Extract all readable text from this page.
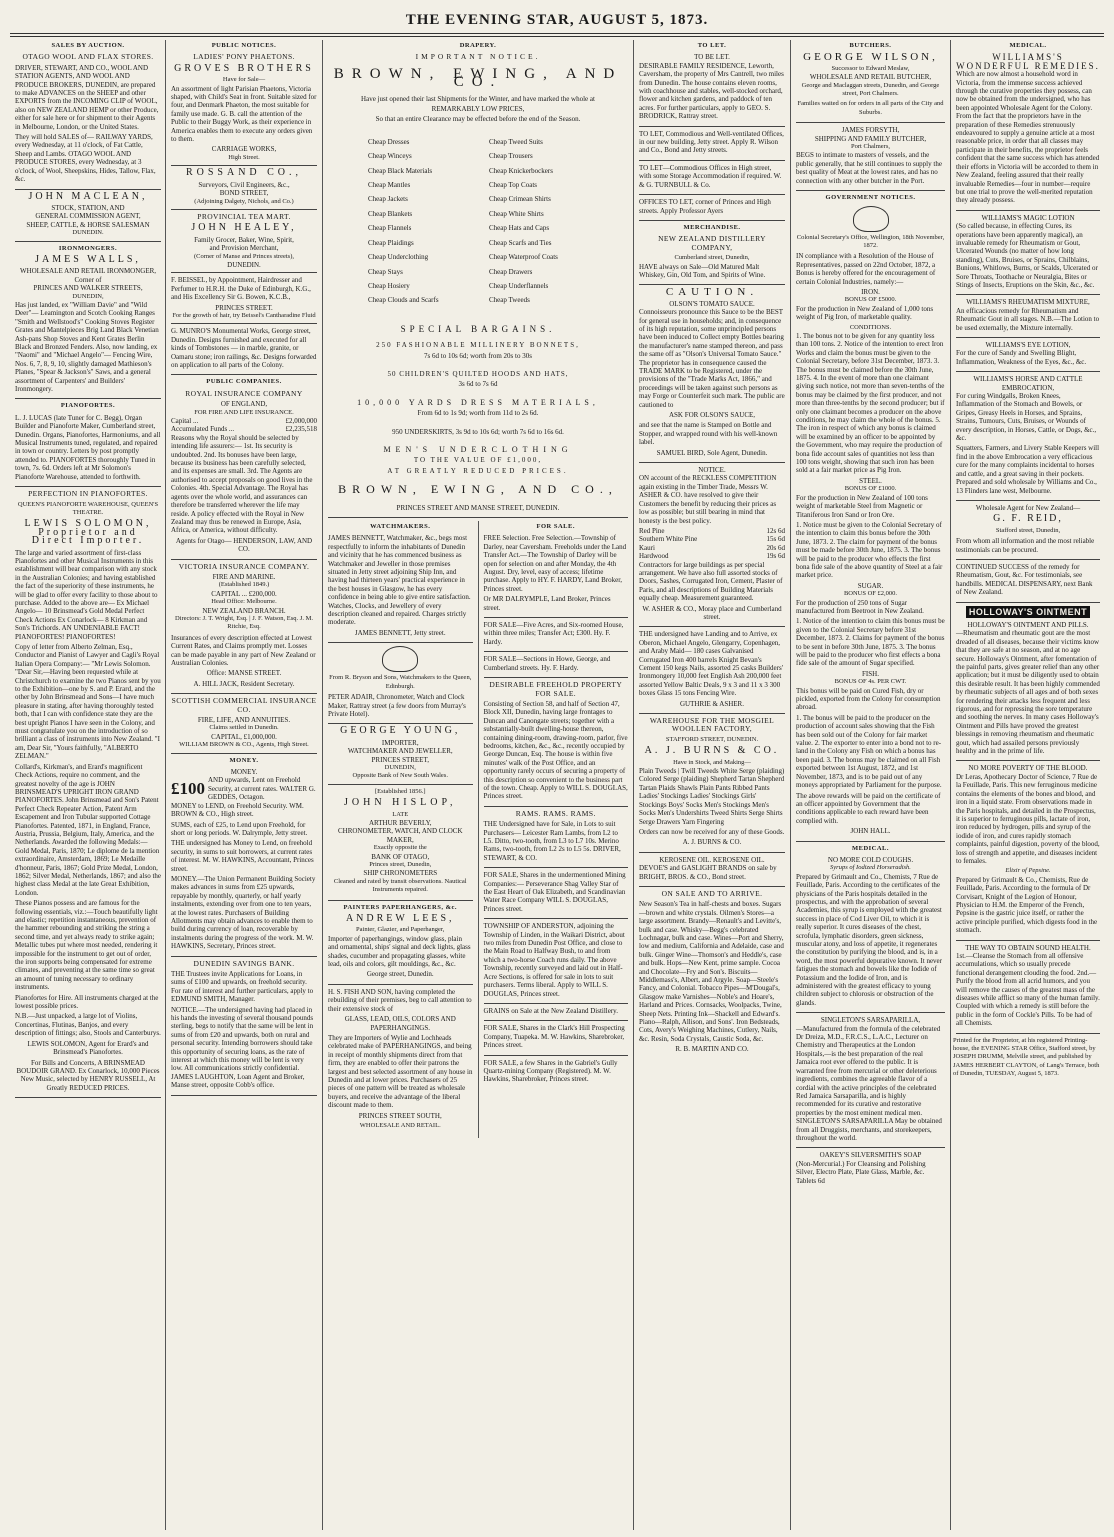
THE EVENING STAR, AUGUST 5, 1873.
SALES BY AUCTION.
OTAGO WOOL AND FLAX STORES.

DRIVER, STEWART, AND CO., WOOL AND STATION AGENTS, AND WOOL AND PRODUCE BROKERS, DUNEDIN, are prepared to make ADVANCES on the SHEEP and other EXPORTS from the INCOMING CLIP of WOOL, also on NEW ZEALAND HEMP or other Produce, either for sale here or for shipment to their Agents in Melbourne, London, or the United States.

They will hold SALES of— RAILWAY YARDS, every Wednesday, at 11 o'clock, of Fat Cattle, Sheep and Lambs. OTAGO WOOL AND PRODUCE STORES, every Wednesday, at 3 o'clock, of Wool, Sheepskins, Hides, Tallow, Flax, &c.

JOHN MACLEAN,
STOCK, STATION, AND
GENERAL COMMISSION AGENT,
SHEEP, CATTLE, & HORSE SALESMAN
DUNEDIN.
IRONMONGERS.
JAMES WALLS,
WHOLESALE AND RETAIL IRONMONGER,
Corner of
PRINCES AND WALKER STREETS,
DUNEDIN,

Has just landed, ex "William Davie" and "Wild Deer"— Leamington and Scotch Cooking Ranges "Smith and Wellstood's" Cooking Stoves Register Grates and Mantelpieces Brig Land Black Venetian Ash-pans Shop Stoves and Kent Grates Berlin Black and Bronzed Fenders. Also, now landing, ex "Naomi" and "Michael Angelo"— Fencing Wire, Nos. 6, 7, 8, 9, 10, slightly damaged Mathieson's Planes, "Spear & Jackson's" Saws, and a general assortment of Carpenters' and Builders' Ironmongery.

PIANOFORTES.

L. J. LUCAS (late Tuner for C. Begg), Organ Builder and Pianoforte Maker, Cumberland street, Dunedin. Organs, Pianofortes, Harmoniums, and all Musical Instruments tuned, regulated, and repaired in town or country. Letters by post promptly attended to. PIANOFORTES thoroughly Tuned in town, 7s. 6d. Orders left at Mr Solomon's Pianoforte Warehouse, attended to forthwith.

PERFECTION IN PIANOFORTES.
QUEEN'S PIANOFORTE WAREHOUSE, QUEEN'S THEATRE.
LEWIS SOLOMON, Proprietor and Direct Importer.

The large and varied assortment of first-class Pianofortes and other Musical Instruments in this establishment will bear comparison with any stock in the Australian Colonies; and having established the fact of the superiority of these instruments, he will be glad to offer every facility to those about to purchase. Added to the above are— Ex Michael Angelo— 10 Brinsmead's Gold Medal Perfect Check Actions Ex Conarlock— 8 Kirkman and Son's Trichords. AN UNDENIABLE FACT! PIANOFORTES! PIANOFORTES!

Copy of letter from Alberto Zelman, Esq., Conductor and Pianist of Lawyer and Cagli's Royal Italian Opera Company:— "Mr Lewis Solomon. "Dear Sir,—Having been requested while at Christchurch to examine the two Pianos sent by you to the Exhibition—one by S. and P. Erard, and the other by John Brinsmead and Sons—I have much pleasure in stating, after having thoroughly tested both, that I can with confidence state they are the best upright Pianos I have seen in the Colony, and must congratulate you on the introduction of so brilliant a class of instruments into New Zealand. "I am, Dear Sir, "Yours faithfully, "ALBERTO ZELMAN."

Collard's, Kirkman's, and Erard's magnificent Check Actions, require no comment, and the greatest novelty of the age is JOHN BRINSMEAD'S UPRIGHT IRON GRAND PIANOFORTES. John Brinsmead and Son's Patent Perfect Check Repeater Action, Patent Arm Escapement and Iron Tubular supported Cottage Pianofortes. Patented, 1871, in England, France, Austria, Prussia, Belgium, Italy, America, and the Netherlands. Awarded the following Medals:—Gold Medal, Paris, 1870; Le diplome de la mention extraordinaire, Amsterdam, 1869; Le Medaille d'honneur, Paris, 1867; Gold Prize Medal, London, 1862; Silver Medal, Netherlands, 1867; and also the highest class Medal at the late Great Exhibition, London.

These Pianos possess and are famous for the following essentials, viz.:—Touch beautifully light and elastic; repetition instantaneous, prevention of the hammer rebounding and striking the string a second time, and yet always ready to strike again; Metallic tubes put where most needed, rendering it impossible for the instrument to get out of order, the iron supports being compensated for extreme climates, and preventing at the same time so great an amount of tuning necessary to ordinary instruments.

Pianofortes for Hire. All instruments charged at the lowest possible prices.

N.B.—Just unpacked, a large lot of Violins, Concertinas, Flutinas, Banjos, and every description of fittings; also, Stools and Canterburys.

LEWIS SOLOMON, Agent for Erard's and Brinsmead's Pianofortes.

For Bills and Concerts, A BRINSMEAD BOUDOIR GRAND. Ex Conarlock, 10,000 Pieces New Music, selected by HENRY RUSSELL, At Greatly REDUCED PRICES.

PUBLIC NOTICES.
LADIES' PONY PHAETONS.
GROVES BROTHERS
Have for Sale—

An assortment of light Parisian Phaetons, Victoria shaped, with Child's Seat in front. Suitable sized for four, and Denmark Phaeton, the most suitable for family use made. G. B. call the attention of the Public to their Buggy Work, as their experience in America enables them to execute any orders given to them.

CARRIAGE WORKS,
High Street.
ROSSAND CO.,
Surveyors, Civil Engineers, &c.,
BOND STREET,
(Adjoining Dalgety, Nichols, and Co.)
PROVINCIAL TEA MART.
JOHN HEALEY,
Family Grocer, Baker, Wine, Spirit,
and Provision Merchant,
(Corner of Manse and Princes streets),
DUNEDIN.

F. BEISSEL, by Appointment, Hairdresser and Perfumer to H.R.H. the Duke of Edinburgh, K.G., and His Excellency Sir G. Bowen, K.C.B.,

PRINCES STREET.
For the growth of hair, try Beissel's Cantharadine Fluid

G. MUNRO'S Monumental Works, George street, Dunedin. Designs furnished and executed for all kinds of Tombstones — in marble, granite, or Oamaru stone; iron railings, &c. Designs forwarded on application to all parts of the Colony.

PUBLIC COMPANIES.
ROYAL INSURANCE COMPANY
OF ENGLAND,
FOR FIRE AND LIFE INSURANCE.
Capital ...	£2,000,000
Accumulated Funds ...	£2,235,518

Reasons why the Royal should be selected by intending life assurers:— 1st. Its security is undoubted. 2nd. Its bonuses have been large, because its business has been carefully selected, and its expenses are small. 3rd. The Agents are authorised to accept proposals on good lives in the Colonies. 4th. Special Advantage. The Royal has agents over the whole world, and assurances can therefore be transferred wherever the life may reside. A policy effected with the Royal in New Zealand may thus be renewed in Europe, Asia, Africa, or America, without difficulty.

Agents for Otago— HENDERSON, LAW, AND CO.

VICTORIA INSURANCE COMPANY.
FIRE AND MARINE.
(Established 1849.)
CAPITAL ... £200,000.
Head Office: Melbourne.
NEW ZEALAND BRANCH.

Directors: J. T. Wright, Esq. | J. F. Watson, Esq. J. M. Ritchie, Esq.

Insurances of every description effected at Lowest Current Rates, and Claims promptly met. Losses can be made payable in any part of New Zealand or Australian Colonies.

Office: MANSE STREET.

A. HILL JACK, Resident Secretary.

SCOTTISH COMMERCIAL INSURANCE CO.
FIRE, LIFE, AND ANNUITIES.
Claims settled in Dunedin.
CAPITAL, £1,000,000.
WILLIAM BROWN & CO., Agents, High Street.
MONEY.
MONEY.
£100 AND upwards, Lent on Freehold Security, at current rates. WALTER G. GEDDES, Octagon.

MONEY to LEND, on Freehold Security. WM. BROWN & CO., High street.

SUMS, each of £25, to Lend upon Freehold, for short or long periods. W. Dalrymple, Jetty street.

THE undersigned has Money to Lend, on freehold security, in sums to suit borrowers, at current rates of interest. M. W. HAWKINS, Accountant, Princes street.

MONEY.—The Union Permanent Building Society makes advances in sums from £25 upwards, repayable by monthly, quarterly, or half yearly instalments, extending over from one to ten years, at the lowest rates. Purchasers of Building Allotments may obtain advances to enable them to build during currency of loan, recoverable by instalments during the progress of the work. M. W. HAWKINS, Secretary, Princes street.

DUNEDIN SAVINGS BANK.

THE Trustees invite Applications for Loans, in sums of £100 and upwards, on freehold security. For rate of interest and further particulars, apply to EDMUND SMITH, Manager.

NOTICE.—The undersigned having had placed in his hands the investing of several thousand pounds sterling, begs to notify that the same will be lent in sums of from £20 and upwards, both on rural and personal security. Intending borrowers should take this opportunity of securing loans, as the rate of interest at which this money will be lent is very low. All communications strictly confidential. JAMES LAUGHTON, Loan Agent and Broker, Manse street, opposite Cobb's office.

DRAPERY.
IMPORTANT NOTICE.
BROWN, EWING, AND CO.

Have just opened their last Shipments for the Winter, and have marked the whole at

REMARKABLY LOW PRICES,

So that an entire Clearance may be effected before the end of the Season.

Cheap Dresses

Cheap Winceys

Cheap Black Materials

Cheap Mantles

Cheap Jackets

Cheap Blankets

Cheap Flannels

Cheap Plaidings

Cheap Underclothing

Cheap Stays

Cheap Hosiery

Cheap Clouds and Scarfs

Cheap Tweed Suits

Cheap Trousers

Cheap Knickerbockers

Cheap Top Coats

Cheap Crimean Shirts

Cheap White Shirts

Cheap Hats and Caps

Cheap Scarfs and Ties

Cheap Waterproof Coats

Cheap Drawers

Cheap Underflannels

Cheap Tweeds

SPECIAL BARGAINS.

250 FASHIONABLE MILLINERY BONNETS,

7s 6d to 10s 6d; worth from 20s to 30s

50 CHILDREN'S QUILTED HOODS AND HATS,

3s 6d to 7s 6d

10,000 YARDS DRESS MATERIALS,

From 6d to 1s 9d; worth from 11d to 2s 6d.

950 UNDERSKIRTS, 3s 9d to 10s 6d; worth 7s 6d to 16s 6d.

MEN'S UNDERCLOTHING

TO THE VALUE OF £1,000,

AT GREATLY REDUCED PRICES.

BROWN, EWING, AND CO.,

PRINCES STREET AND MANSE STREET, DUNEDIN.

WATCHMAKERS.

JAMES BENNETT, Watchmaker, &c., begs most respectfully to inform the inhabitants of Dunedin and vicinity that he has commenced business as Watchmaker and Jeweller in those premises situated in Jetty street adjoining Ship Inn, and having had thirteen years' practical experience in the best houses in Glasgow, he has every confidence in being able to give entire satisfaction. Watches, Clocks, and Jewellery of every description cleaned and repaired. Charges strictly moderate.

JAMES BENNETT, Jetty street.

From R. Bryson and Sons, Watchmakers to the Queen, Edinburgh.

PETER ADAIR, Chronometer, Watch and Clock Maker, Rattray street (a few doors from Murray's Private Hotel).

GEORGE YOUNG,
IMPORTER,
WATCHMAKER AND JEWELLER,
PRINCES STREET,
DUNEDIN,
Opposite Bank of New South Wales.
[Established 1856.]
JOHN HISLOP,
LATE
ARTHUR BEVERLY,
CHRONOMETER, WATCH, AND CLOCK MAKER,
Exactly opposite the
BANK OF OTAGO,
Princes street, Dunedin,
SHIP CHRONOMETERS

Cleaned and rated by transit observations. Nautical Instruments repaired.

PAINTERS PAPERHANGERS, &c.
ANDREW LEES,
Painter, Glazier, and Paperhanger,

Importer of paperhangings, window glass, plain and ornamental, ships' signal and deck lights, glass shades, cucumber and propagating glasses, white lead, oils and colors, gilt mouldings, &c., &c.

George street, Dunedin.

H. S. FISH AND SON, having completed the rebuilding of their premises, beg to call attention to their extensive stock of

GLASS, LEAD, OILS, COLORS AND PAPERHANGINGS.

They are Importers of Wylie and Lochheads celebrated make of PAPERHANGINGS, and being in receipt of monthly shipments direct from that firm, they are enabled to offer their patrons the largest and best selected assortment of any house in Dunedin and at lower prices. Purchasers of 25 pieces of one pattern will be treated as wholesale buyers, and receive the advantage of the liberal discount made to them.

PRINCES STREET SOUTH,

WHOLESALE AND RETAIL.

FOR SALE.

FREE Selection. Free Selection.—Township of Darley, near Caversham. Freeholds under the Land Transfer Act.—The Township of Darley will be open for selection on and after Monday, the 4th August. Dry, level, easy of access; lifetime purchase. Apply to HY. F. HARDY, Land Broker, Princes street.

Or MR DALRYMPLE, Land Broker, Princes street.

FOR SALE—Five Acres, and Six-roomed House, within three miles; Transfer Act; £300. Hy. F. Hardy.

FOR SALE—Sections in Howe, George, and Cumberland streets. Hy. F. Hardy.

DESIRABLE FREEHOLD PROPERTY FOR SALE.

Consisting of Section 58, and half of Section 47, Block XII, Dunedin, having large frontages to Duncan and Canongate streets; together with a substantially-built dwelling-house thereon, containing dining-room, drawing-room, parlor, five bedrooms, kitchen, &c., &c., recently occupied by George Duncan, Esq. The house is within five minutes' walk of the Post Office, and an opportunity rarely occurs of securing a property of this description so convenient to the business part of the town. Cheap. Apply to WILL S. DOUGLAS, Princes street.

RAMS. RAMS. RAMS.

THE Undersigned have for Sale, in Lots to suit Purchasers— Leicester Ram Lambs, from L2 to L5. Ditto, two-tooth, from L3 to L7 10s. Merino Rams, two-tooth, from L2 2s to L5 5s. DRIVER, STEWART, & CO.

FOR SALE, Shares in the undermentioned Mining Companies:— Perseverance Shag Valley Star of the East Heart of Oak Elizabeth, and Scandinavian Water Race Company WILL S. DOUGLAS, Princes street.

TOWNSHIP OF ANDERSTON, adjoining the Township of Linden, in the Waikari District, about two miles from Dunedin Post Office, and close to the Main Road to Halfway Bush, to and from which a two-horse Coach runs daily. The above Township, recently surveyed and laid out in Half-Acre Sections, is offered for sale in lots to suit purchasers. Terms liberal. Apply to WILL S. DOUGLAS, Princes street.

GRAINS on Sale at the New Zealand Distillery.

FOR SALE, Shares in the Clark's Hill Prospecting Company, Tuapeka. M. W. Hawkins, Sharebroker, Princes street.

FOR SALE, a few Shares in the Gabriel's Gully Quartz-mining Company (Registered). M. W. Hawkins, Sharebroker, Princes street.

TO LET.
TO BE LET.

DESIRABLE FAMILY RESIDENCE, Leworth, Caversham, the property of Mrs Cantrell, two miles from Dunedin. The house contains eleven rooms, with coachhouse and stables, well-stocked orchard, flower and kitchen gardens, and paddock of ten acres. For further particulars, apply to GEO. S. BRODRICK, Rattray street.

TO LET, Commodious and Well-ventilated Offices, in our new building, Jetty street. Apply R. Wilson and Co., Bond and Jetty streets.

TO LET—Commodious Offices in High street, with some Storage Accommodation if required. W. & G. TURNBULL & Co.

OFFICES TO LET, corner of Princes and High streets. Apply Professor Ayers

MERCHANDISE.
NEW ZEALAND DISTILLERY COMPANY,
Cumberland street, Dunedin,

HAVE always on Sale—Old Matured Malt Whiskey, Gin, Old Tom, and Spirits of Wine.

CAUTION.
OLSON'S TOMATO SAUCE.

Connoisseurs pronounce this Sauce to be the BEST for general use in households; and, in consequence of its high reputation, some unprincipled persons have been induced to Collect empty Bottles bearing the manufacturer's name stamped thereon, and pass the same off as "Olson's Universal Tomato Sauce." The proprietor has in consequence caused the TRADE MARK to be Registered, under the provisions of the "Trade Marks Act, 1866," and proceedings will be taken against such persons as may Forge or Counterfeit such mark. The public are cautioned to

ASK FOR OLSON'S SAUCE,

and see that the name is Stamped on Bottle and Stopper, and wrapped round with his well-known label.

SAMUEL BIRD, Sole Agent, Dunedin.

NOTICE.

ON account of the RECKLESS COMPETITION again existing in the Timber Trade, Messrs W. ASHER & CO. have resolved to give their Customers the benefit by reducing their prices as low as possible; but still bearing in mind that honesty is the best policy.

Red Pine	12s 6d
Southern White Pine	15s 6d
Kauri	20s 6d
Hardwood	19s 6d

Contractors for large buildings as per special arrangement. We have also full assorted stocks of Doors, Sashes, Corrugated Iron, Cement, Plaster of Paris, and all descriptions of Building Materials equally cheap. Measurement guaranteed.

W. ASHER & CO., Moray place and Cumberland street.

THE undersigned have Landing and to Arrive, ex Oberon, Michael Angelo, Glengarry, Copenhagen, and Araby Maid— 180 cases Galvanised Corrugated Iron 400 barrels Knight Bevan's Cement 150 kegs Nails, assorted 25 casks Builders' Ironmongery 10,000 feet English Ash 200,000 feet assorted Yellow Baltic Deals, 9 x 3 and 11 x 3 300 boxes Glass 15 tons Fencing Wire.

GUTHRIE & ASHER.

WAREHOUSE FOR THE MOSGIEL WOOLLEN FACTORY,
STAFFORD STREET, DUNEDIN.
A. J. BURNS & CO.
Have in Stock, and Making—

Plain Tweeds | Twill Tweeds White Serge (plaiding) Colored Serge (plaiding) Shepherd Tartan Shepherd Tartan Plaids Shawls Plain Pants Ribbed Pants Ladies' Stockings Ladies' Stockings Girls' Stockings Boys' Socks Men's Stockings Men's Socks Men's Undershirts Tweed Shirts Serge Shirts Serge Drawers Yarn Fingering

Orders can now be received for any of these Goods.

A. J. BURNS & CO.

KEROSENE OIL. KEROSENE OIL.

DEVOE'S and GASLIGHT BRANDS on sale by BRIGHT, BROS. & CO., Bond street.

ON SALE AND TO ARRIVE.

New Season's Tea in half-chests and boxes. Sugars—brown and white crystals. Oilmen's Stores—a large assortment. Brandy—Renault's and Levitte's, bulk and case. Whisky—Begg's celebrated Lochnagar, bulk and case. Wines—Port and Sherry, low and medium, California and Adelaide, case and bulk. Ginger Wine—Thomson's and Heddle's, case and bulk. Hops—New Kent, prime sample. Cocoa and Chocolate—Fry and Son's. Biscuits—Middlemass's, Albert, and Argyle. Soap—Steele's Fancy, and Colonial. Tobacco Pipes—M'Dougal's, Glasgow make Varnishes—Noble's and Hoare's, Harland and Prices. Cornsacks, Woolpacks, Twine, Sheep Nets. Printing Ink—Shackell and Edward's. Piano—Ralph, Allison, and Sons'. Iron Bedsteads, Cots, Avery's Weighing Machines, Cutlery, Nails, &c. Resin, Soda Crystals, Caustic Soda, &c.

R. B. MARTIN AND CO.

BUTCHERS.
GEORGE WILSON,
Successor to Edward Meslaw,
WHOLESALE AND RETAIL BUTCHER,

George and Maclaggan streets, Dunedin, and George street, Port Chalmers.

Families waited on for orders in all parts of the City and Suburbs.

JAMES FORSYTH,
SHIPPING AND FAMILY BUTCHER,
Port Chalmers,

BEGS to intimate to masters of vessels, and the public generally, that he still continues to supply the best quality of Meat at the lowest rates, and has no connection with any other butcher in the Port.

GOVERNMENT NOTICES.

Colonial Secretary's Office, Wellington, 18th November, 1872.

IN compliance with a Resolution of the House of Representatives, passed on 22nd October, 1872, a Bonus is hereby offered for the encouragement of certain Colonial Industries, namely:—

IRON.
BONUS OF £5000.

For the production in New Zealand of 1,000 tons weight of Pig Iron, of marketable quality.

CONDITIONS.

1. The bonus not to be given for any quantity less than 100 tons. 2. Notice of the intention to erect Iron Works and claim the bonus must be given to the Colonial Secretary, before 31st December, 1873. 3. The bonus must be claimed before the 30th June, 1875. 4. In the event of more than one claimant giving such notice, not more than seven-tenths of the bonus may be claimed by the first producer, and not more than three-tenths by the second producer; but if only one claimant becomes a producer on the above conditions, he may claim the whole of the bonus. 5. The iron in respect of which any bonus is claimed will be examined by an officer to be appointed by the Government, who may require the production of bona fide account sales of quantities not less than 100 tons weight, showing that such iron has been sold at a fair market price as Pig Iron.

STEEL.
BONUS OF £1000.

For the production in New Zealand of 100 tons weight of marketable Steel from Magnetic or Titaniferous Iron Sand or Iron Ore.

1. Notice must be given to the Colonial Secretary of the intention to claim this bonus before the 30th June, 1873. 2. The claim for payment of the bonus must be made before 30th June, 1875. 3. The bonus will be paid to the producer who effects the first bona fide sale of the above quantity of Steel at a fair market price.

SUGAR.
BONUS OF £2,000.

For the production of 250 tons of Sugar manufactured from Beetroot in New Zealand.

1. Notice of the intention to claim this bonus must be given to the Colonial Secretary before 31st December, 1873. 2. Claims for payment of the bonus to be sent in before 30th June, 1875. 3. The bonus will be paid to the producer who first effects a bona fide sale of the amount of Sugar specified.

FISH.
BONUS OF 4s. PER CWT.

This bonus will be paid on Cured Fish, dry or pickled, exported from the Colony for consumption abroad.

1. The bonus will be paid to the producer on the production of account sales showing that the Fish has been sold out of the Colony for fair market value. 2. The exporter to enter into a bond not to re-land in the Colony any Fish on which a bonus has been paid. 3. The bonus may be claimed on all Fish exported between 1st August, 1872, and 1st November, 1873, and is to be paid out of any moneys appropriated by Parliament for the purpose.

The above rewards will be paid on the certificate of an officer appointed by Government that the conditions applicable to each reward have been complied with.

JOHN HALL.

MEDICAL.
NO MORE COLD COUGHS.
Syrups of Iodized Horseradish.

Prepared by Grimault and Co., Chemists, 7 Rue de Feuillade, Paris. According to the certificates of the physicians of the Paris hospitals detailed in the prospectus, and with the approbation of several Academies, this syrup is employed with the greatest success in place of Cod Liver Oil, to which it is really superior. It cures diseases of the chest, scrofula, lymphatic disorders, green sickness, muscular atony, and loss of appetite, it regenerates the constitution by purifying the blood, and is, in a word, the most powerful depurative known. It never fatigues the stomach and bowels like the Iodide of Potassium and the Iodide of Iron, and is administered with the greatest efficacy to young children subject to chlorosis or obstruction of the glands.

SINGLETON'S SARSAPARILLA,

—Manufactured from the formula of the celebrated Dr Dreiza, M.D., F.R.C.S., L.A.C., Lecturer on Chemistry and Therapeutics at the London Hospitals,—is the best preparation of the real Jamaica root ever offered to the public. It is warranted free from mercurial or other deleterious ingredients, combines the agreeable flavor of a cordial with the active principles of the celebrated Red Jamaica Sarsaparilla, and is highly recommended for its curative and restorative properties by the most eminent medical men. SINGLETON'S SARSAPARILLA May be obtained from all Druggists, merchants, and storekeepers, throughout the world.

OAKEY'S SILVERSMITH'S SOAP

(Non-Mercurial.) For Cleansing and Polishing Silver, Electro Plate, Plate Glass, Marble, &c. Tablets 6d

MEDICAL.
WILLIAMS'S WONDERFUL REMEDIES.

Which are now almost a household word in Victoria, from the immense success achieved through the curative properties they possess, can now be obtained from the undersigned, who has been appointed Wholesale Agent for the Colony. From the fact that the proprietors have in the preparation of these Remedies strenuously endeavoured to supply a genuine article at a most reasonable price, in order that all classes may participate in their benefits, the proprietor feels confident that the same success which has attended their efforts in Victoria will be accorded to them in New Zealand, feeling assured that their really invaluable Remedies—four in number—require but one trial to prove the well-merited reputation they already possess.

WILLIAMS'S MAGIC LOTION

(So called because, in effecting Cures, its operations have been apparently magical), an invaluable remedy for Rheumatism or Gout, Ulcerated Wounds (no matter of how long standing), Cuts, Bruises, or Sprains, Chilblains, Bunions, Whitlows, Burns, or Scalds, Ulcerated or Sore Throats, Toothache or Neuralgia, Bites or Stings of Insects, Eruptions on the Skin, &c., &c.

WILLIAMS'S RHEUMATISM MIXTURE,

An efficacious remedy for Rheumatism and Rheumatic Gout in all stages. N.B.—The Lotion to be used externally, the Mixture internally.

WILLIAMS'S EYE LOTION,

For the cure of Sandy and Swelling Blight, Inflammation, Weakness of the Eyes, &c., &c.

WILLIAMS'S HORSE AND CATTLE EMBROCATION,

For curing Windgalls, Broken Knees, Inflammation of the Stomach and Bowels, or Gripes, Greasy Heels in Horses, and Sprains, Strains, Tumours, Cuts, Bruises, or Wounds of every description, in Horses, Cattle, or Dogs, &c., &c.

Squatters, Farmers, and Livery Stable Keepers will find in the above Embrocation a very efficacious cure for the many complaints incidental to horses and cattle, and a great saving in their pockets. Prepared and sold wholesale by Williams and Co., 13 Flinders lane west, Melbourne.

Wholesale Agent for New Zealand—

G. F. REID,

Stafford street, Dunedin,

From whom all information and the most reliable testimonials can be procured.

CONTINUED SUCCESS of the remedy for Rheumatism, Gout, &c. For testimonials, see handbills. MEDICAL DISPENSARY, next Bank of New Zealand.

HOLLOWAY'S OINTMENT
HOLLOWAY'S OINTMENT AND PILLS.

—Rheumatism and rheumatic gout are the most dreaded of all diseases, because their victims know that they are safe at no season, and at no age secure. Holloway's Ointment, after fomentation of the painful parts, gives greater relief than any other application; but it must be diligently used to obtain this desirable result. It has been highly commended by rheumatic subjects of all ages and of both sexes for rendering their attacks less frequent and less rigorous, and for repressing the sore temperature and soothing the nerves. In many cases Holloway's Ointment and Pills have proved the greatest blessings in removing rheumatism and rheumatic gout, which had assailed persons previously healthy and in the prime of life.

NO MORE POVERTY OF THE BLOOD.

Dr Leras, Apothecary Doctor of Science, 7 Rue de la Feuillade, Paris. This new ferruginous medicine contains the elements of the bones and blood, and iron in a liquid state. From observations made in the Paris hospitals, and detailed in the Prospectus, it is superior to ferruginous pills, lactate of iron, iron reduced by hydrogen, pills and syrup of the iodide of iron, and cures rapidly stomach complaints, painful digestion, poverty of the blood, loss of strength and appetite, and diseases incident to females.

Elixir of Pepsine.

Prepared by Grimault & Co., Chemists, Rue de Feuillade, Paris. According to the formula of Dr Corvisart, Knight of the Legion of Honour, Physician to H.M. the Emperor of the French, Pepsine is the gastric juice itself, or rather the active principle purified, which digests food in the stomach.

THE WAY TO OBTAIN SOUND HEALTH.

1st.—Cleanse the Stomach from all offensive accumulations, which so usually precede functional derangement clouding the food. 2nd.—Purify the blood from all acrid humors, and you will remove the causes of the greatest mass of the diseases while afflict so many of the human family. Coupled with which a remedy is still before the public in the form of Cockle's Pills. To be had of all Chemists.

Printed for the Proprietor, at his registered Printing-house, the EVENING STAR Office, Stafford street, by JOSEPH DRUMM, Melville street, and published by JAMES HERBERT CLAYTON, of Lang's Terrace, both of Dunedin, TUESDAY, August 5, 1873.
